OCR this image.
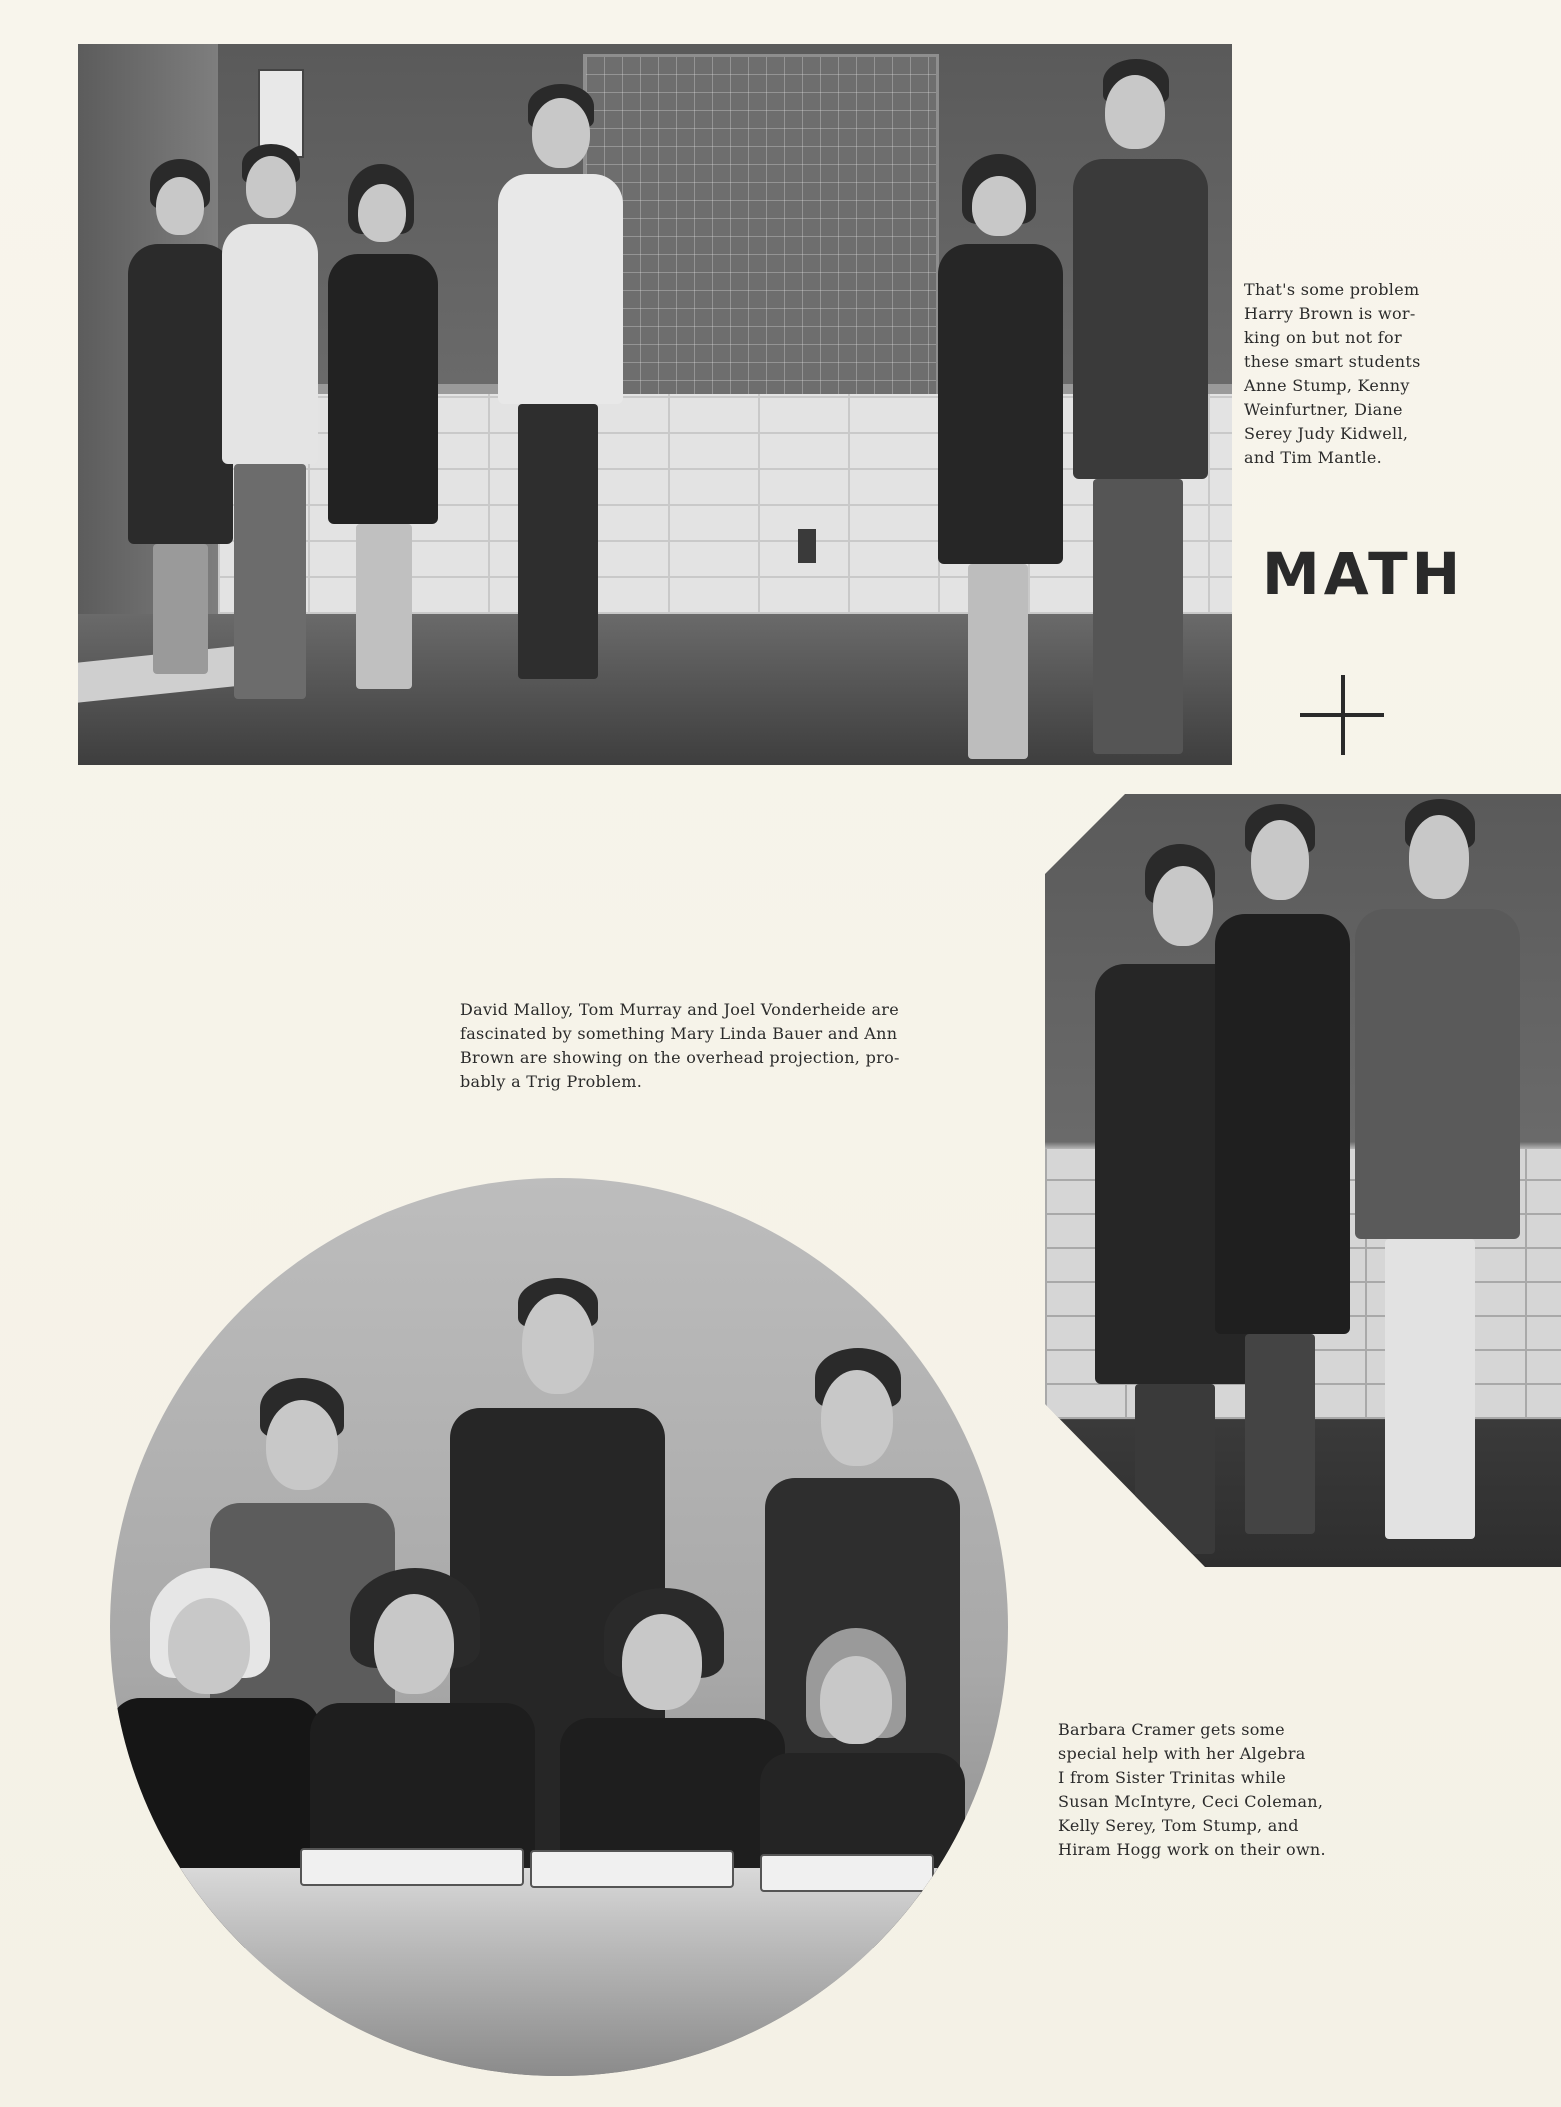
That's some problem
Harry Brown is wor-
king on but not for
these smart students
Anne Stump, Kenny
Weinfurtner, Diane
Serey Judy Kidwell,
and Tim Mantle.

MATH

David Malloy, Tom Murray and Joel Vonderheide are
fascinated by something Mary Linda Bauer and Ann
Brown are showing on the overhead projection, pro-
bably a Trig Problem.

Barbara Cramer gets some
special help with her Algebra
I from Sister Trinitas while
Susan McIntyre, Ceci Coleman,
Kelly Serey, Tom Stump, and
Hiram Hogg work on their own.
